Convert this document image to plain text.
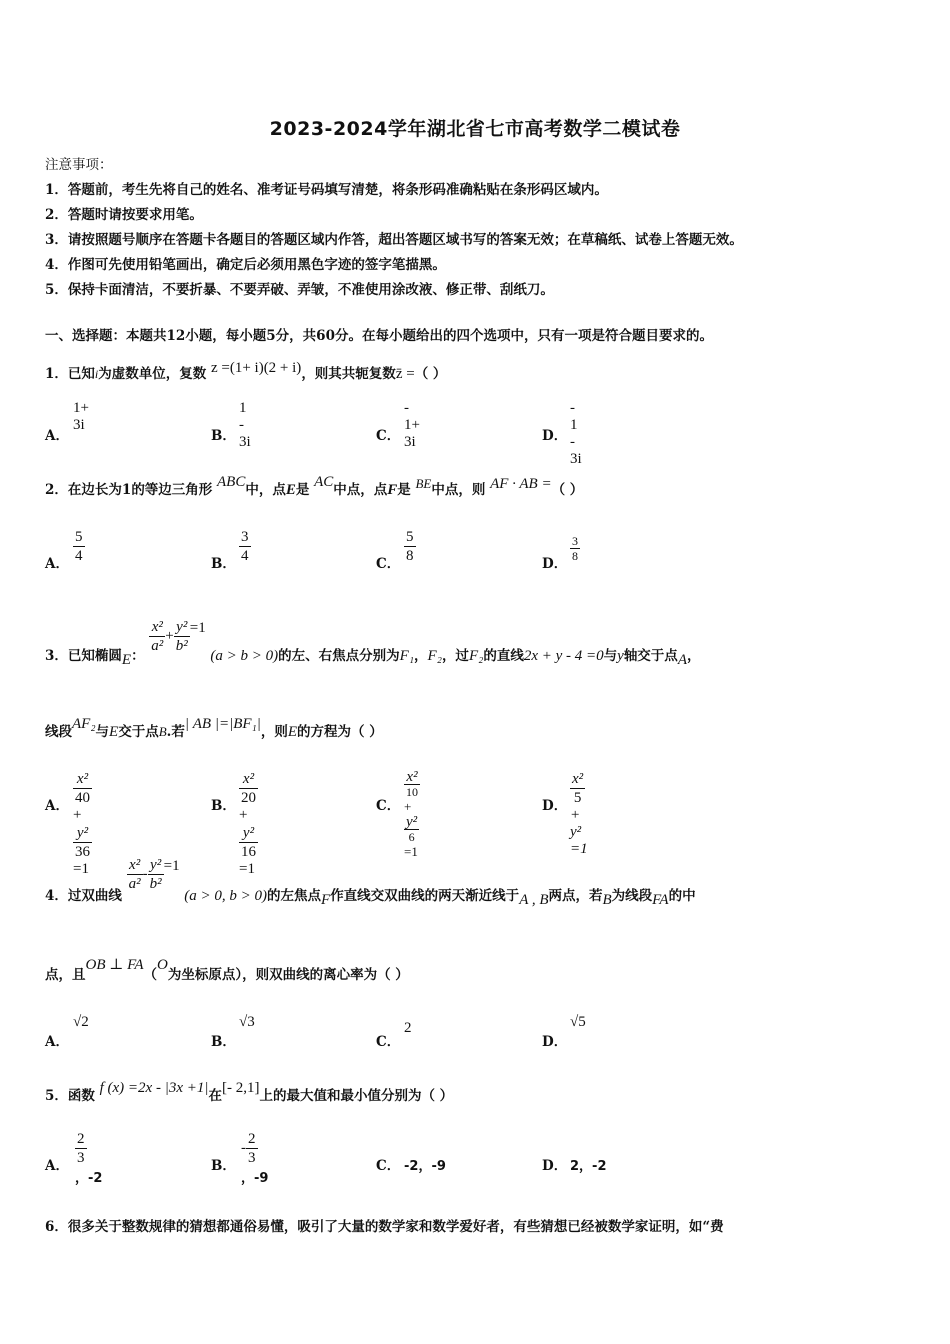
2023-2024学年湖北省七市高考数学二模试卷
注意事项：
1．答题前，考生先将自己的姓名、准考证号码填写清楚，将条形码准确粘贴在条形码区域内。
2．答题时请按要求用笔。
3．请按照题号顺序在答题卡各题目的答题区域内作答，超出答题区域书写的答案无效；在草稿纸、试卷上答题无效。
4．作图可先使用铅笔画出，确定后必须用黑色字迹的签字笔描黑。
5．保持卡面清洁，不要折暴、不要弄破、弄皱，不准使用涂改液、修正带、刮纸刀。
一、选择题：本题共12小题，每小题5分，共60分。在每小题给出的四个选项中，只有一项是符合题目要求的。
1．已知i为虚数单位，复数 z =(1+ i)(2 + i)，则其共轭复数z̄ =（ ）
A．
1+ 3i
B．
1 - 3i	C．
- 1+ 3i	D．
- 1 - 3i
2．在边长为1的等边三角形 ABC中，点E是 AC中点，点F是 BE中点，则 AF · AB =（ ）
A． $\frac{5}{4}$	B． $\frac{3}{4}$	C． $\frac{5}{8}$	D．
$\frac{3}{8}$
3．已知椭圆E：
$\frac{\text{x²}}{\text{a²}} + \frac{\text{y²}}{\text{b²}} =1$ (a > b > 0)的左、右焦点分别为F₁，F₂，过F₂的直线2x + y - 4 =0与y轴交于点A，
线段AF₂与E交于点B.若| AB |=|BF₁|，则E的方程为（ ）
A． $\frac{\text{x²}}{40}$
+
$\frac{\text{y²}}{36}$
=1
B． $\frac{\text{x²}}{20}$
+
$\frac{\text{y²}}{16}$
=1
C．
$\frac{\text{x²}}{10}$
+
$\frac{\text{y²}}{6}$
=1
D． $\frac{\text{x²}}{5}$
+ y² =1
4．过双曲线
$\frac{\text{x²}}{\text{a²}} - \frac{\text{y²}}{\text{b²}} =1$ (a > 0, b > 0)的左焦点F作直线交双曲线的两天渐近线于A , B两点，若B为线段FA的中
点，且OB ⊥ FA（O为坐标原点），则双曲线的离心率为（ ）
A．
√2
B．
√3
C．
2
D．
√5
5．函数 f (x) =2x - |3x +1|在[- 2,1]上的最大值和最小值分别为（ ）
A． $\frac{2}{3}$
，-2
B．
- $\frac{2}{3}$
，-9
C． -2，-9	D． 2，-2
6．很多关于整数规律的猜想都通俗易懂，吸引了大量的数学家和数学爱好者，有些猜想已经被数学家证明，如“费
